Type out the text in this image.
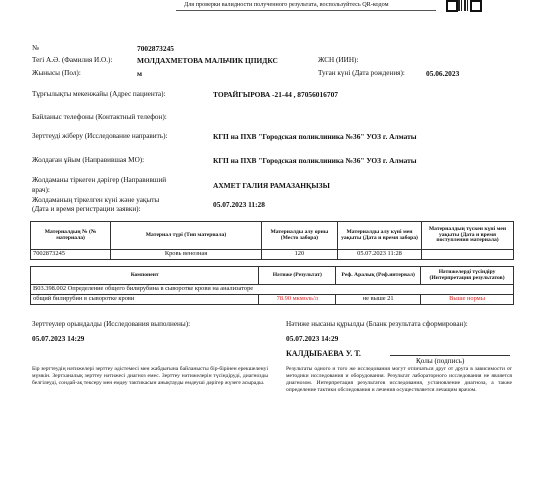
Для проверки валидности полученного результата, воспользуйтесь QR-кодом
№	7002873245
Тегі А.Ә. (Фамилия И.О.):	МОЛДАХМЕТОВА МАЛЬЧИК ЦПИДКС	ЖСН (ИИН):
Жынысы (Пол):	м	Туған күні (Дата рождения):	05.06.2023
Тұрғылықты мекенжайы (Адрес пациента):	ТОРАЙГЫРОВА -21-44 , 87056016707
Байланыс телефоны (Контактный телефон):
Зерттеуді жіберу (Исследование направить):	КГП на ПХВ "Городская поликлиника №36" УОЗ г. Алматы
Жолдаған ұйым (Направившая МО):	КГП на ПХВ "Городская поликлиника №36" УОЗ г. Алматы
Жолдаманы тіркеген дәрігер (Направивший
врач):	АХМЕТ ГАЛИЯ РАМАЗАНҚЫЗЫ
Жолдаманың тіркелген күні және уақыты
(Дата и время регистрации заявки):	05.07.2023 11:28
Материалдың № (№ материала)	Материал түрі (Тип материала)	Материалды алу орны (Место забора)	Материалды алу күні мен уақыты (Дата и время забора)	Материалдың түскен күні мен уақыты (Дата и время поступления материала)
7002873245	Кровь венозная	120	05.07.2023 11:28	
Компонент	Нәтиже (Результат)	Реф. Аралық (Реф.интервал)	Нәтижелерді түсіндіру (Интерпретация результатов)
В03.398.002 Определение общего билирубина в сыворотке крови на анализаторе			
общий билирубин в сыворотке крови	78.90 мкмоль/л	не выше 21	Выше нормы
Зерттеулер орындалды (Исследования выполнены):
05.07.2023 14:29
Нәтиже нысаны құрылды (Бланк результата сформирован):
05.07.2023 14:29
КАЛДЫБАЕВА У. Т.
Қолы (подпись)
Бір зерттеудің нәтижелері зерттеу әдістемесі мен жабдығына байланысты бір-бірінен ерекшеленуі мүмкін. Зертханалық зерттеу нәтижесі диагноз емес. Зерттеу нәтижелерін түсіндіруді, диагнозды белгілеуді, сондай-ақ тексеру мен емдеу тактикасын анықтауды емдеуші дәрігер жүзеге асырады.
Результаты одного и того же исследования могут отличаться друг от друга в зависимости от методики исследования и оборудования. Результат лабораторного исследования не является диагнозом. Интерпретация результатов исследования, установление диагноза, а также определение тактики обследования и лечения осуществляется лечащим врачом.
